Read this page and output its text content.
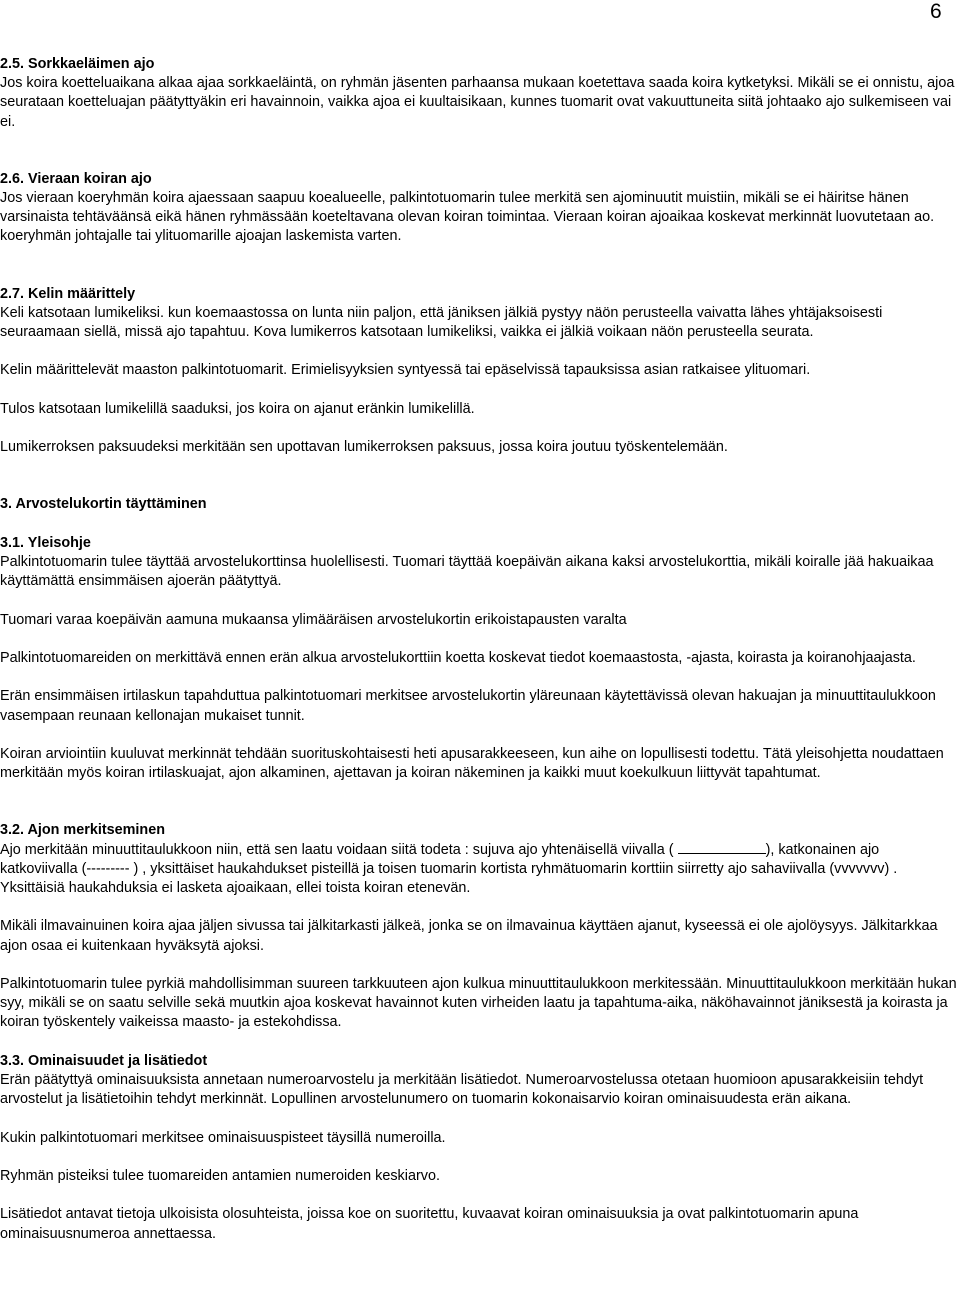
6
2.5. Sorkkaeläimen ajo

Jos koira koetteluaikana alkaa ajaa sorkkaeläintä, on ryhmän jäsenten parhaansa mukaan koetettava saada koira kytketyksi. Mikäli se ei onnistu, ajoa seurataan koetteluajan päätyttyäkin eri havainnoin, vaikka ajoa ei kuultaisikaan, kunnes tuomarit ovat vakuuttuneita siitä johtaako ajo sulkemiseen vai ei.

2.6. Vieraan koiran ajo

Jos vieraan koeryhmän koira ajaessaan saapuu koealueelle, palkintotuomarin tulee merkitä sen ajominuutit muistiin, mikäli se ei häiritse hänen varsinaista tehtäväänsä eikä hänen ryhmässään koeteltavana olevan koiran toimintaa. Vieraan koiran ajoaikaa koskevat merkinnät luovutetaan ao. koeryhmän johtajalle tai ylituomarille ajoajan laskemista varten.

2.7. Kelin määrittely

Keli katsotaan lumikeliksi. kun koemaastossa on lunta niin paljon, että jäniksen jälkiä pystyy näön perusteella vaivatta lähes yhtäjaksoisesti seuraamaan siellä, missä ajo tapahtuu. Kova lumikerros katsotaan lumikeliksi, vaikka ei jälkiä voikaan näön perusteella seurata.

Kelin määrittelevät maaston palkintotuomarit. Erimielisyyksien syntyessä tai epäselvissä tapauksissa asian ratkaisee ylituomari.

Tulos katsotaan lumikelillä saaduksi, jos koira on ajanut eränkin lumikelillä.

Lumikerroksen paksuudeksi merkitään sen upottavan lumikerroksen paksuus, jossa koira joutuu työskentelemään.

3. Arvostelukortin täyttäminen
3.1. Yleisohje

Palkintotuomarin tulee täyttää arvostelukorttinsa huolellisesti. Tuomari täyttää koepäivän aikana kaksi arvostelukorttia, mikäli koiralle jää hakuaikaa käyttämättä ensimmäisen ajoerän päätyttyä.

Tuomari varaa koepäivän aamuna mukaansa ylimääräisen arvostelukortin erikoistapausten varalta

Palkintotuomareiden on merkittävä ennen erän alkua arvostelukorttiin koetta koskevat tiedot koemaastosta, -ajasta, koirasta ja koiranohjaajasta.

Erän ensimmäisen irtilaskun tapahduttua palkintotuomari merkitsee arvostelukortin yläreunaan käytettävissä olevan hakuajan ja minuuttitaulukkoon vasempaan reunaan kellonajan mukaiset tunnit.

Koiran arviointiin kuuluvat merkinnät tehdään suorituskohtaisesti heti apusarakkeeseen, kun aihe on lopullisesti todettu. Tätä yleisohjetta noudattaen merkitään myös koiran irtilaskuajat, ajon alkaminen, ajettavan ja koiran näkeminen ja kaikki muut koekulkuun liittyvät tapahtumat.

3.2. Ajon merkitseminen

Ajo merkitään minuuttitaulukkoon niin, että sen laatu voidaan siitä todeta : sujuva ajo yhtenäisellä viivalla (	), katkonainen ajo katkoviivalla (--------- ) , yksittäiset haukahdukset pisteillä ja toisen tuomarin kortista ryhmätuomarin korttiin siirretty ajo sahaviivalla (vvvvvvv) . Yksittäisiä haukahduksia ei lasketa ajoaikaan, ellei toista koiran etenevän.

Mikäli ilmavainuinen koira ajaa jäljen sivussa tai jälkitarkasti jälkeä, jonka se on ilmavainua käyttäen ajanut, kyseessä ei ole ajolöysyys. Jälkitarkkaa ajon osaa ei kuitenkaan hyväksytä ajoksi.

Palkintotuomarin tulee pyrkiä mahdollisimman suureen tarkkuuteen ajon kulkua minuuttitaulukkoon merkitessään. Minuuttitaulukkoon merkitään hukan syy, mikäli se on saatu selville sekä muutkin ajoa koskevat havainnot kuten virheiden laatu ja tapahtuma-aika, näköhavainnot jäniksestä ja koirasta ja koiran työskentely vaikeissa maasto- ja estekohdissa.

3.3. Ominaisuudet ja lisätiedot

Erän päätyttyä ominaisuuksista annetaan numeroarvostelu ja merkitään lisätiedot. Numeroarvostelussa otetaan huomioon apusarakkeisiin tehdyt arvostelut ja lisätietoihin tehdyt merkinnät. Lopullinen arvostelunumero on tuomarin kokonaisarvio koiran ominaisuudesta erän aikana.

Kukin palkintotuomari merkitsee ominaisuuspisteet täysillä numeroilla.

Ryhmän pisteiksi tulee tuomareiden antamien numeroiden keskiarvo.

Lisätiedot antavat tietoja ulkoisista olosuhteista, joissa koe on suoritettu, kuvaavat koiran ominaisuuksia ja ovat palkintotuomarin apuna ominaisuusnumeroa annettaessa.
